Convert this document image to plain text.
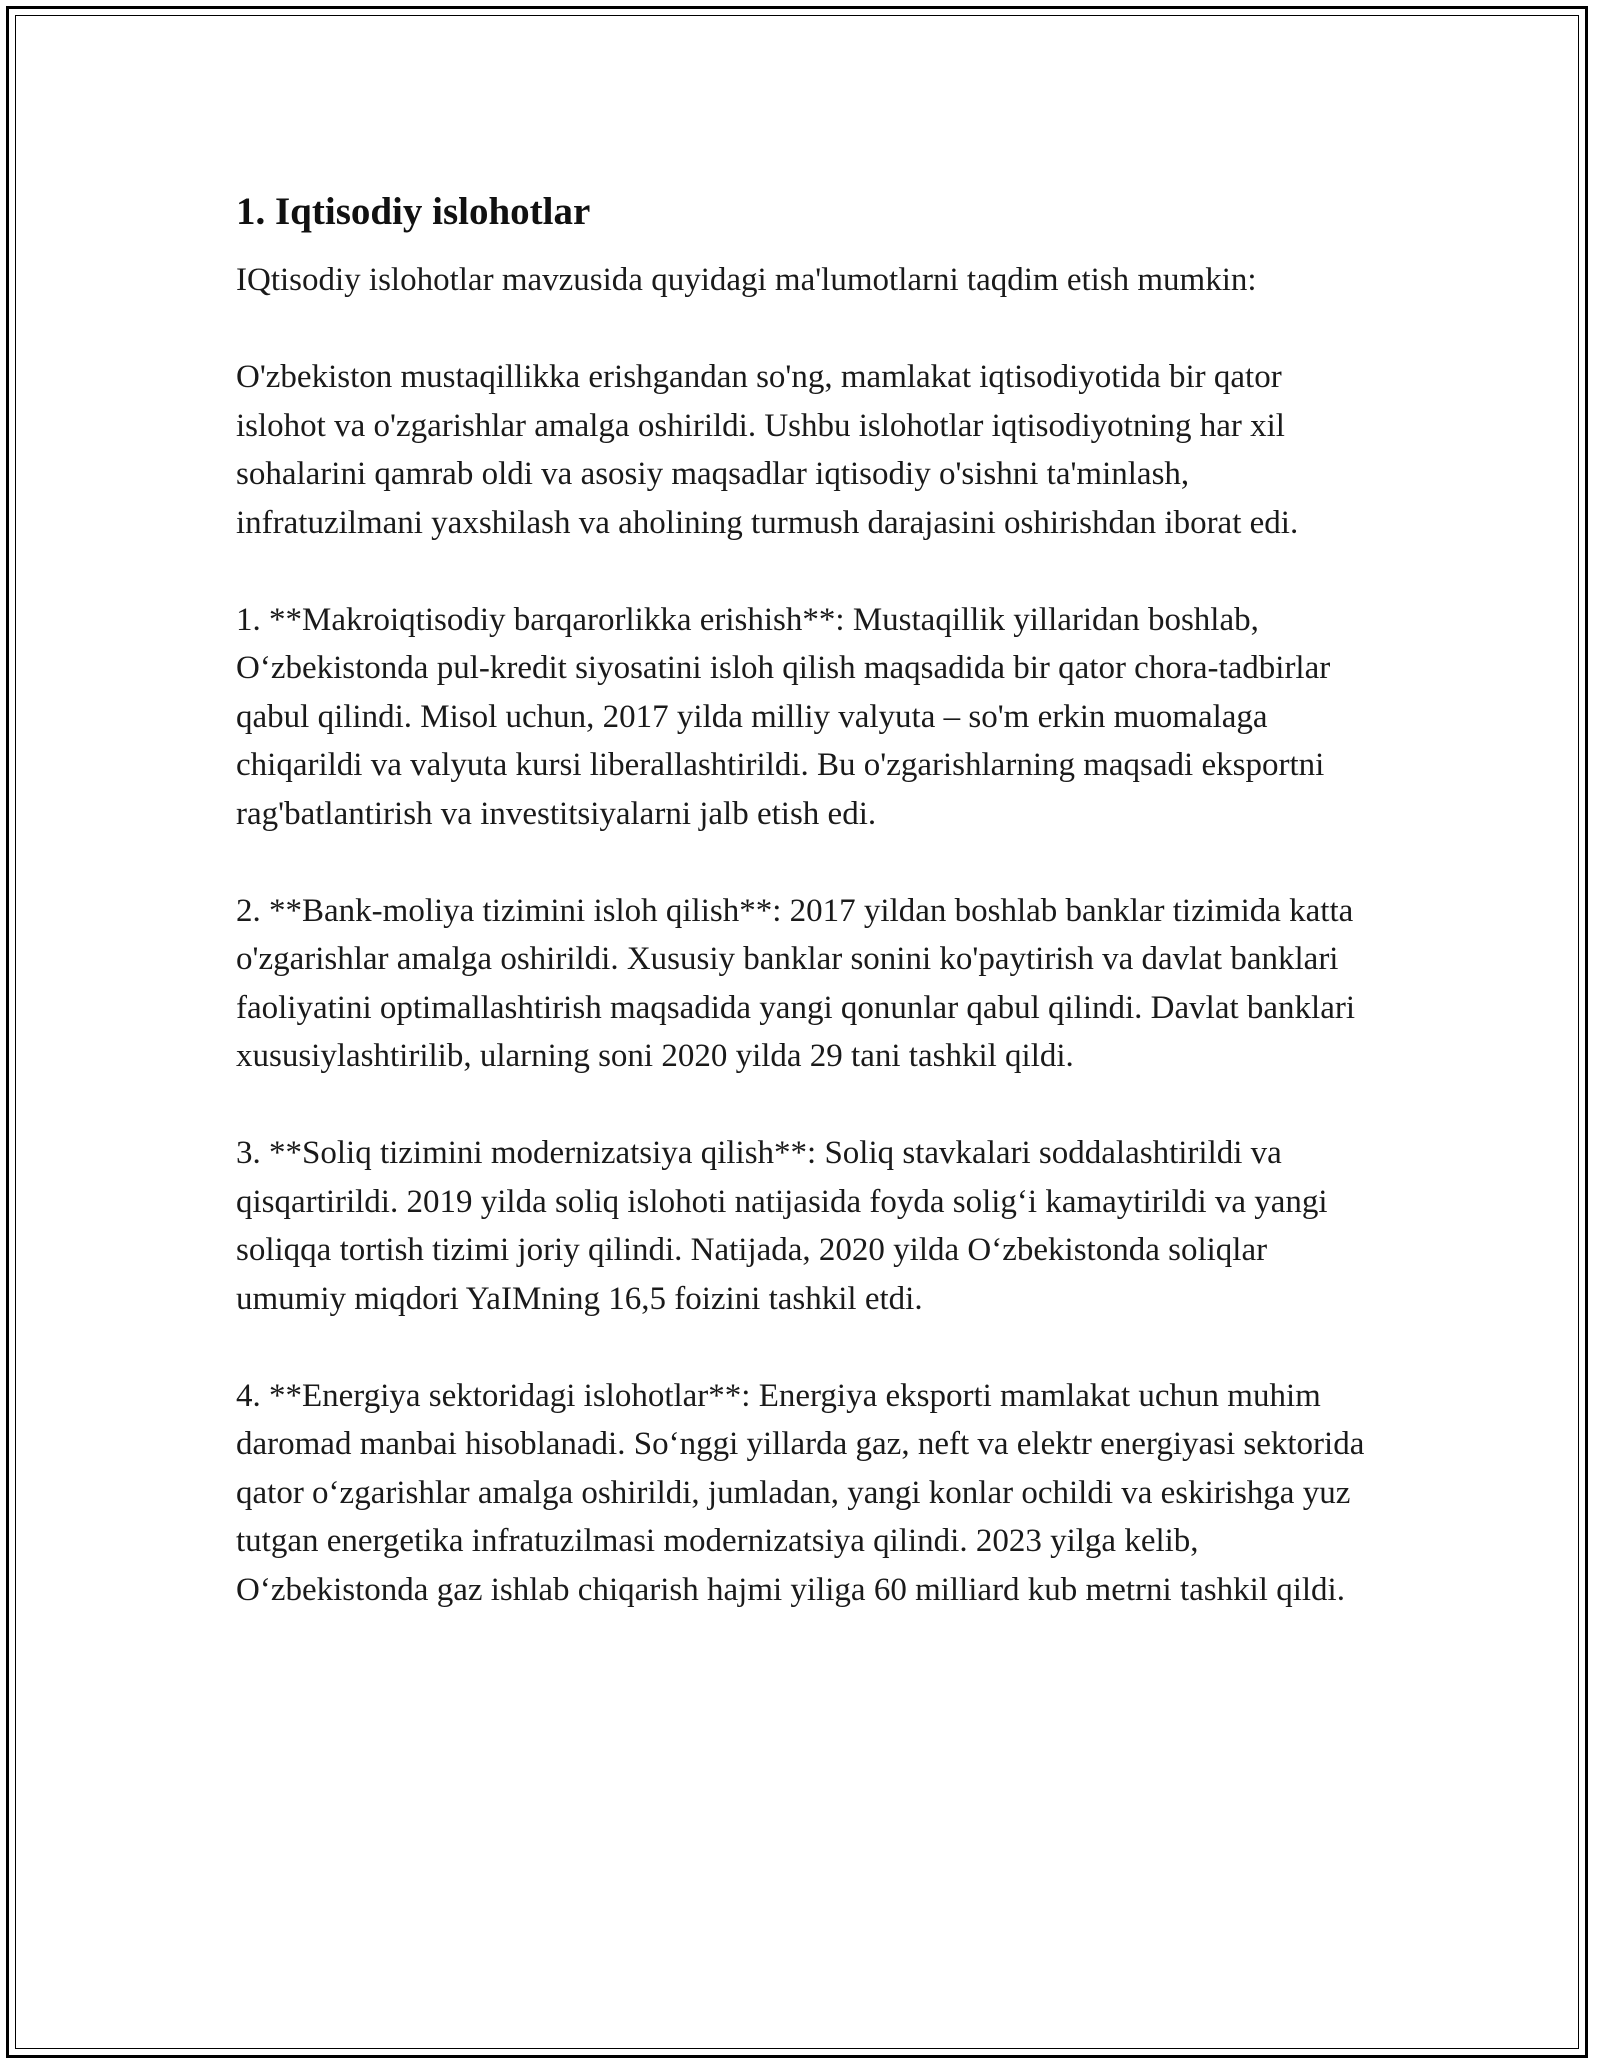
1. Iqtisodiy islohotlar

IQtisodiy islohotlar mavzusida quyidagi ma'lumotlarni taqdim etish mumkin:

O'zbekiston mustaqillikka erishgandan so'ng, mamlakat iqtisodiyotida bir qator islohot va o'zgarishlar amalga oshirildi. Ushbu islohotlar iqtisodiyotning har xil sohalarini qamrab oldi va asosiy maqsadlar iqtisodiy o'sishni ta'minlash, infratuzilmani yaxshilash va aholining turmush darajasini oshirishdan iborat edi.

1. **Makroiqtisodiy barqarorlikka erishish**: Mustaqillik yillaridan boshlab, O‘zbekistonda pul-kredit siyosatini isloh qilish maqsadida bir qator chora-tadbirlar qabul qilindi. Misol uchun, 2017 yilda milliy valyuta – so'm erkin muomalaga chiqarildi va valyuta kursi liberallashtirildi. Bu o'zgarishlarning maqsadi eksportni rag'batlantirish va investitsiyalarni jalb etish edi.

2. **Bank-moliya tizimini isloh qilish**: 2017 yildan boshlab banklar tizimida katta o'zgarishlar amalga oshirildi. Xususiy banklar sonini ko'paytirish va davlat banklari faoliyatini optimallashtirish maqsadida yangi qonunlar qabul qilindi. Davlat banklari xususiylashtirilib, ularning soni 2020 yilda 29 tani tashkil qildi.

3. **Soliq tizimini modernizatsiya qilish**: Soliq stavkalari soddalashtirildi va qisqartirildi. 2019 yilda soliq islohoti natijasida foyda solig‘i kamaytirildi va yangi soliqqa tortish tizimi joriy qilindi. Natijada, 2020 yilda O‘zbekistonda soliqlar umumiy miqdori YaIMning 16,5 foizini tashkil etdi.

4. **Energiya sektoridagi islohotlar**: Energiya eksporti mamlakat uchun muhim daromad manbai hisoblanadi. So‘nggi yillarda gaz, neft va elektr energiyasi sektorida qator o‘zgarishlar amalga oshirildi, jumladan, yangi konlar ochildi va eskirishga yuz tutgan energetika infratuzilmasi modernizatsiya qilindi. 2023 yilga kelib, O‘zbekistonda gaz ishlab chiqarish hajmi yiliga 60 milliard kub metrni tashkil qildi.
